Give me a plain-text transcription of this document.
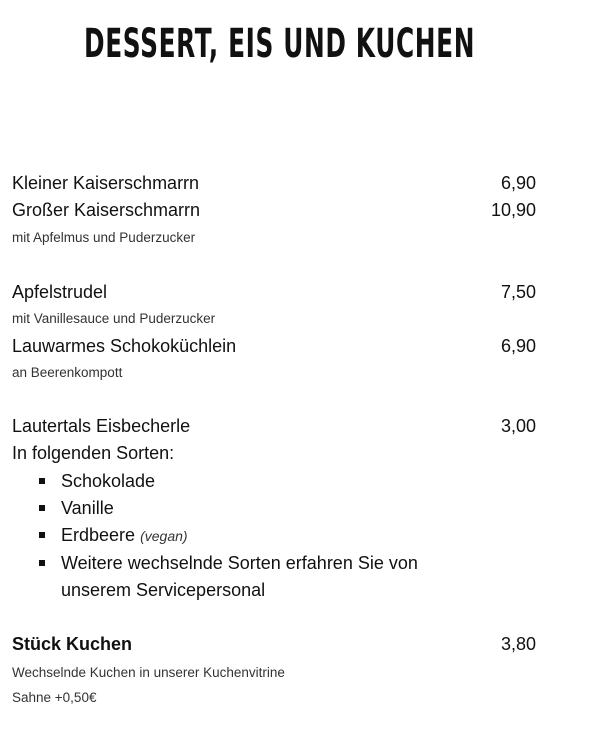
DESSERT, EIS UND KUCHEN
Kleiner Kaiserschmarrn	6,90
Großer Kaiserschmarrn	10,90
mit Apfelmus und Puderzucker
Apfelstrudel	7,50
mit Vanillesauce und Puderzucker
Lauwarmes Schokoküchlein	6,90
an Beerenkompott
Lautertals Eisbecherle	3,00
In folgenden Sorten:
Schokolade
Vanille
Erdbeere (vegan)
Weitere wechselnde Sorten erfahren Sie von unserem Servicepersonal
Stück Kuchen	3,80
Wechselnde Kuchen in unserer Kuchenvitrine
Sahne +0,50€
